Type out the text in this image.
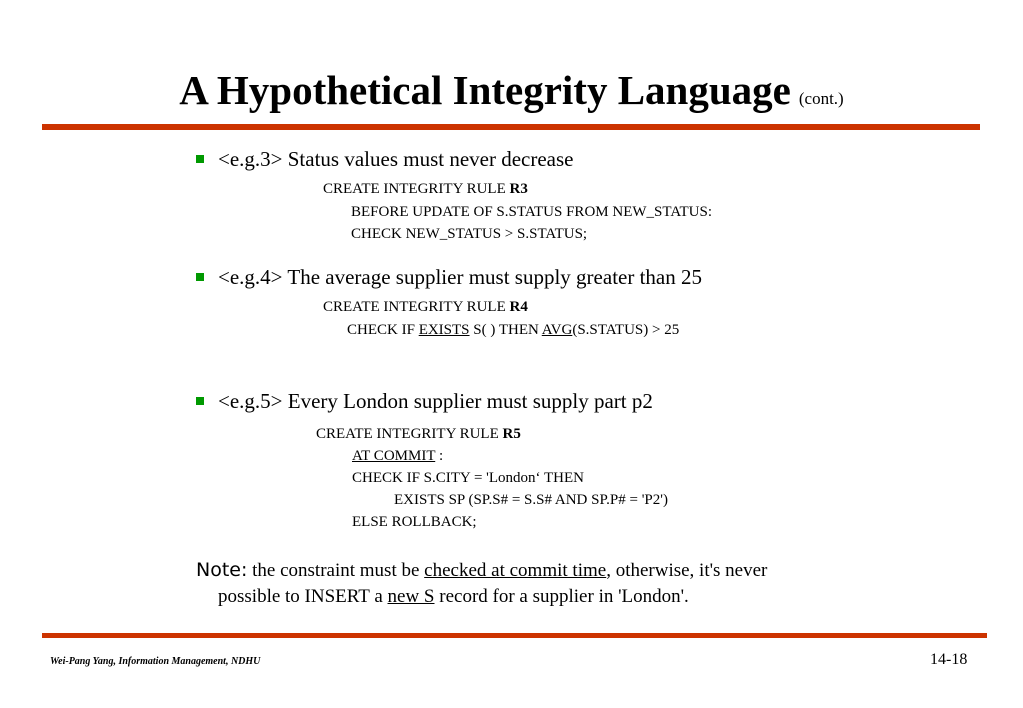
A Hypothetical Integrity Language (cont.)
<e.g.3> Status values must never decrease
CREATE INTEGRITY RULE R3
BEFORE UPDATE OF S.STATUS FROM NEW_STATUS:
CHECK NEW_STATUS > S.STATUS;
<e.g.4> The average supplier must supply greater than 25
CREATE INTEGRITY RULE R4
CHECK IF EXISTS S( ) THEN AVG(S.STATUS) > 25
<e.g.5> Every London supplier must supply part p2
CREATE INTEGRITY RULE R5
AT COMMIT :
CHECK IF S.CITY = 'London‘ THEN
EXISTS SP (SP.S# = S.S# AND SP.P# = 'P2')
ELSE ROLLBACK;
Note: the constraint must be checked at commit time, otherwise, it's never
possible to INSERT a new S record for a supplier in 'London'.
Wei-Pang Yang, Information Management, NDHU	14-18
